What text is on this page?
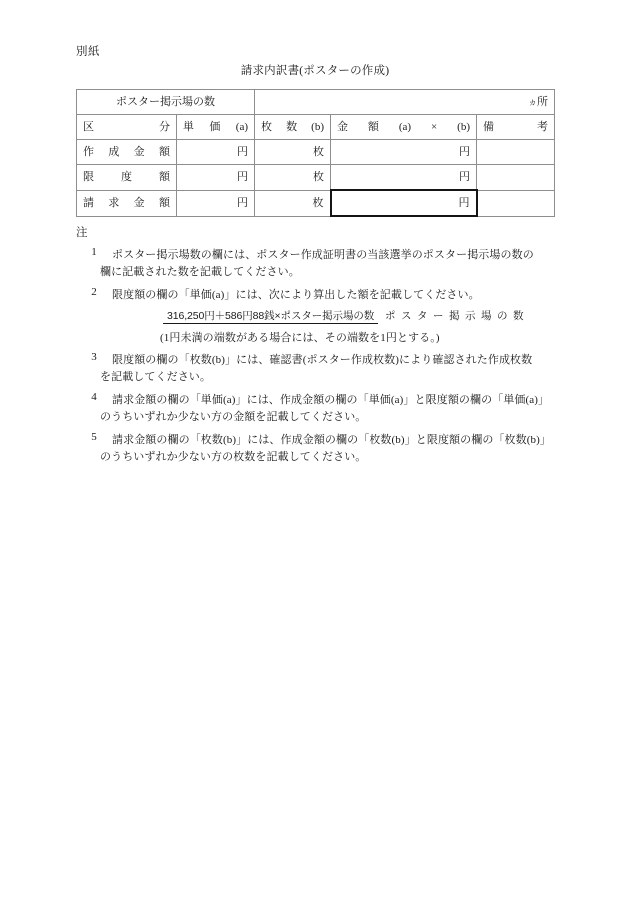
別紙
請求内訳書(ポスターの作成)
ポスター掲示場の数		ヵ所		

区　　　　分	単　価　(a)	枚　数　(b)	金　額　(a)　×　(b)	備　　　考

作　成　金　額	円	枚	円	

限　　度　　額	円	枚	円	

請　求　金　額	円	枚	円	
注
1 ポスター掲示場数の欄には、ポスター作成証明書の当該選挙のポスター掲示場の数の
欄に記載された数を記載してください。
2 限度額の欄の「単価(a)」には、次により算出した額を記載してください。
316,250円＋586円88銭×ポスター掲示場の数 ポスター掲示場の数
(1円未満の端数がある場合には、その端数を1円とする。)
3 限度額の欄の「枚数(b)」には、確認書(ポスター作成枚数)により確認された作成枚数
を記載してください。
4 請求金額の欄の「単価(a)」には、作成金額の欄の「単価(a)」と限度額の欄の「単価(a)」
のうちいずれか少ない方の金額を記載してください。
5 請求金額の欄の「枚数(b)」には、作成金額の欄の「枚数(b)」と限度額の欄の「枚数(b)」
のうちいずれか少ない方の枚数を記載してください。
